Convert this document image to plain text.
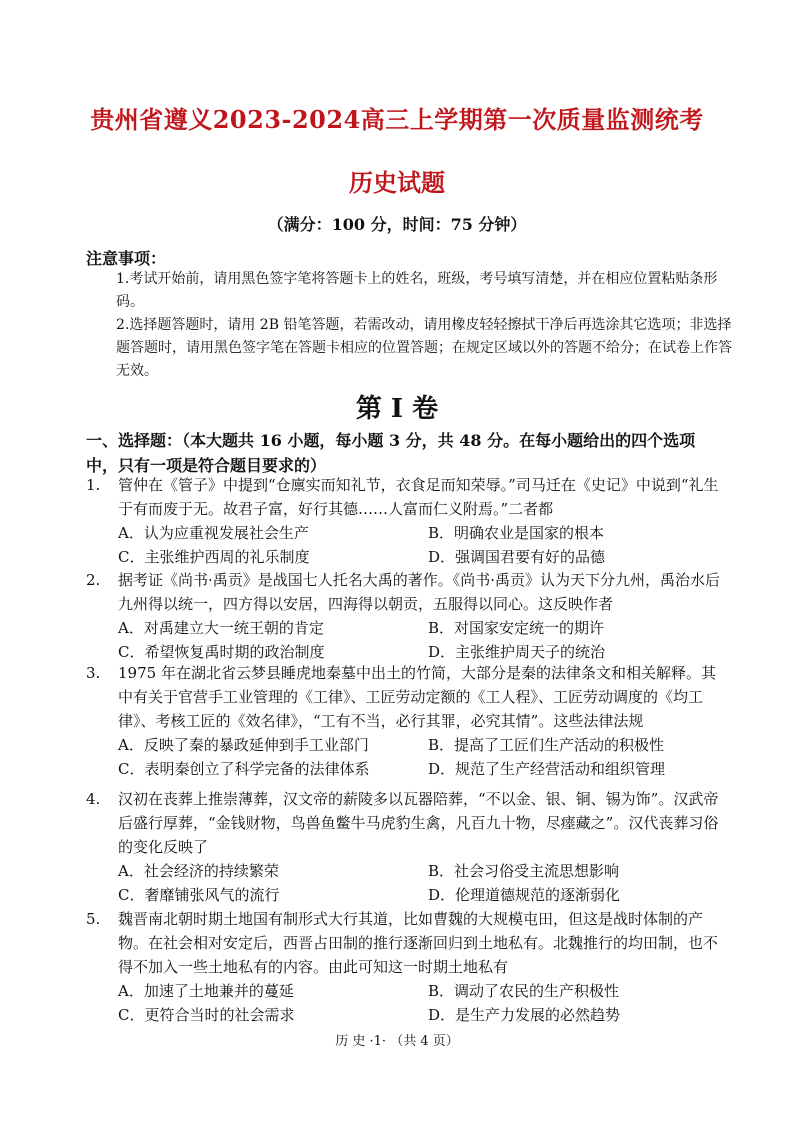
贵州省遵义2023-2024高三上学期第一次质量监测统考
历史试题
（满分：100 分，时间：75 分钟）
注意事项：
1.考试开始前，请用黑色签字笔将答题卡上的姓名，班级，考号填写清楚，并在相应位置粘贴条形码。
2.选择题答题时，请用 2B 铅笔答题，若需改动，请用橡皮轻轻擦拭干净后再选涂其它选项；非选择题答题时，请用黑色签字笔在答题卡相应的位置答题；在规定区域以外的答题不给分；在试卷上作答无效。
第 I 卷
一、选择题：（本大题共 16 小题，每小题 3 分，共 48 分。在每小题给出的四个选项中，只有一项是符合题目要求的）
1.	管仲在《管子》中提到“仓廪实而知礼节，衣食足而知荣辱。”司马迁在《史记》中说到“礼生于有而废于无。故君子富，好行其德……人富而仁义附焉。”二者都
A．认为应重视发展社会生产	B．明确农业是国家的根本
C．主张维护西周的礼乐制度	D．强调国君要有好的品德
2.	据考证《尚书·禹贡》是战国七人托名大禹的著作。《尚书·禹贡》认为天下分九州，禹治水后九州得以统一，四方得以安居，四海得以朝贡，五服得以同心。这反映作者
A．对禹建立大一统王朝的肯定	B．对国家安定统一的期许
C．希望恢复禹时期的政治制度	D．主张维护周天子的统治
3.	1975 年在湖北省云梦县睡虎地秦墓中出土的竹简，大部分是秦的法律条文和相关解释。其中有关于官营手工业管理的《工律》、工匠劳动定额的《工人程》、工匠劳动调度的《均工律》、考核工匠的《效名律》，“工有不当，必行其罪，必究其情”。这些法律法规
A．反映了秦的暴政延伸到手工业部门	B．提高了工匠们生产活动的积极性
C．表明秦创立了科学完备的法律体系	D．规范了生产经营活动和组织管理
4.	汉初在丧葬上推崇薄葬，汉文帝的薪陵多以瓦器陪葬，“不以金、银、铜、锡为饰”。汉武帝后盛行厚葬，“金钱财物，鸟兽鱼鳖牛马虎豹生禽，凡百九十物，尽瘗藏之”。汉代丧葬习俗的变化反映了
A．社会经济的持续繁荣	B．社会习俗受主流思想影响
C．奢靡铺张风气的流行	D．伦理道德规范的逐渐弱化
5.	魏晋南北朝时期土地国有制形式大行其道，比如曹魏的大规模屯田，但这是战时体制的产物。在社会相对安定后，西晋占田制的推行逐渐回归到土地私有。北魏推行的均田制，也不得不加入一些土地私有的内容。由此可知这一时期土地私有
A．加速了土地兼并的蔓延	B．调动了农民的生产积极性
C．更符合当时的社会需求	D．是生产力发展的必然趋势
历 史 ·1· （共 4 页）
